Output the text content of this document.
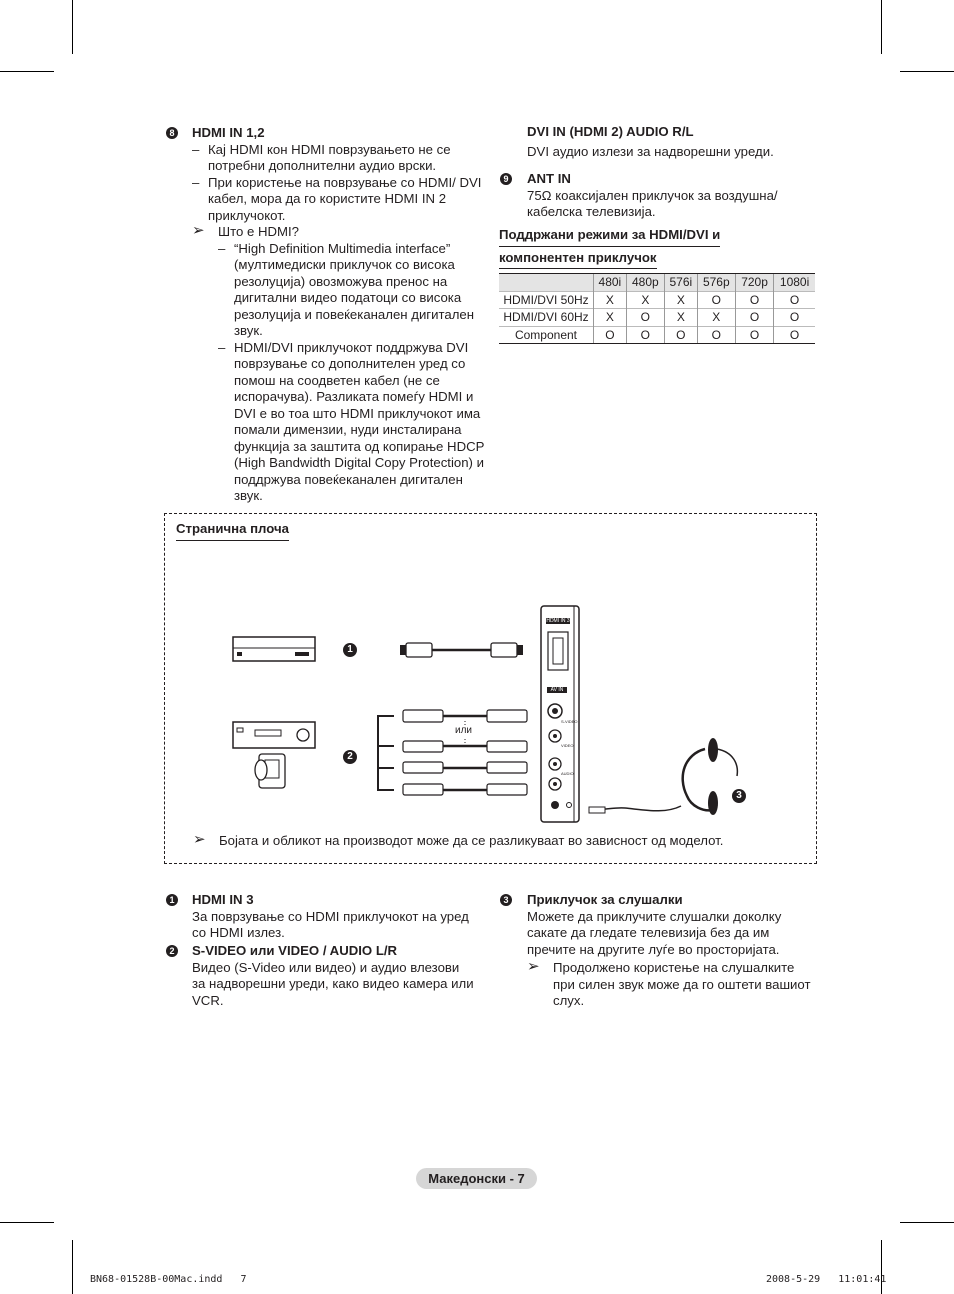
8 HDMI IN 1,2
– Кај HDMI кон HDMI поврзувањето не се потребни дополнителни аудио врски.
– При користење на поврзување со HDMI/ DVI кабел, мора да го користите HDMI IN 2 приклучокот.
➢ Што е HDMI?
– “High Definition Multimedia interface” (мултимедиски приклучок со висока резолуција) овозможува пренос на дигитални видео податоци со висока резолуција и повеќеканален дигитален звук.
– HDMI/DVI приклучокот поддржува DVI поврзување со дополнителен уред со помош на соодветен кабел (не се испорачува). Разликата помеѓу HDMI и DVI е во тоа што HDMI приклучокот има помали димензии, нуди инсталирана функција за заштита од копирање HDCP (High Bandwidth Digital Copy Protection) и поддржува повеќеканален дигитален звук.
DVI IN (HDMI 2) AUDIO R/L
DVI аудио излези за надворешни уреди.
9 ANT IN
75Ω коаксијален приклучок за воздушна/ кабелска телевизија.
Поддржани режими за HDMI/DVI и
компонентен приклучок
	480i	480p	576i	576p	720p	1080i
HDMI/DVI 50Hz	X	X	X	O	O	O
HDMI/DVI 60Hz	X	O	X	X	O	O
Component	O	O	O	O	O	O
Странична плоча
1
2
3
или
HDMI IN 3
AV IN
S-VIDEO
VIDEO
AUDIO
➢ Бојата и обликот на производот може да се разликуваат во зависност од моделот.
1 HDMI IN 3
За поврзување со HDMI приклучокот на уред со HDMI излез.
2 S-VIDEO или VIDEO / AUDIO L/R
Видео (S-Video или видео) и аудио влезови за надворешни уреди, како видео камера или VCR.
3 Приклучок за слушалки
Можете да приклучите слушалки доколку сакате да гледате телевизија без да им пречите на другите луѓе во просторијата.
➢ Продолжено користење на слушалките при силен звук може да го оштети вашиот слух.
Македонски - 7
BN68-01528B-00Mac.indd   7	2008-5-29   11:01:41
